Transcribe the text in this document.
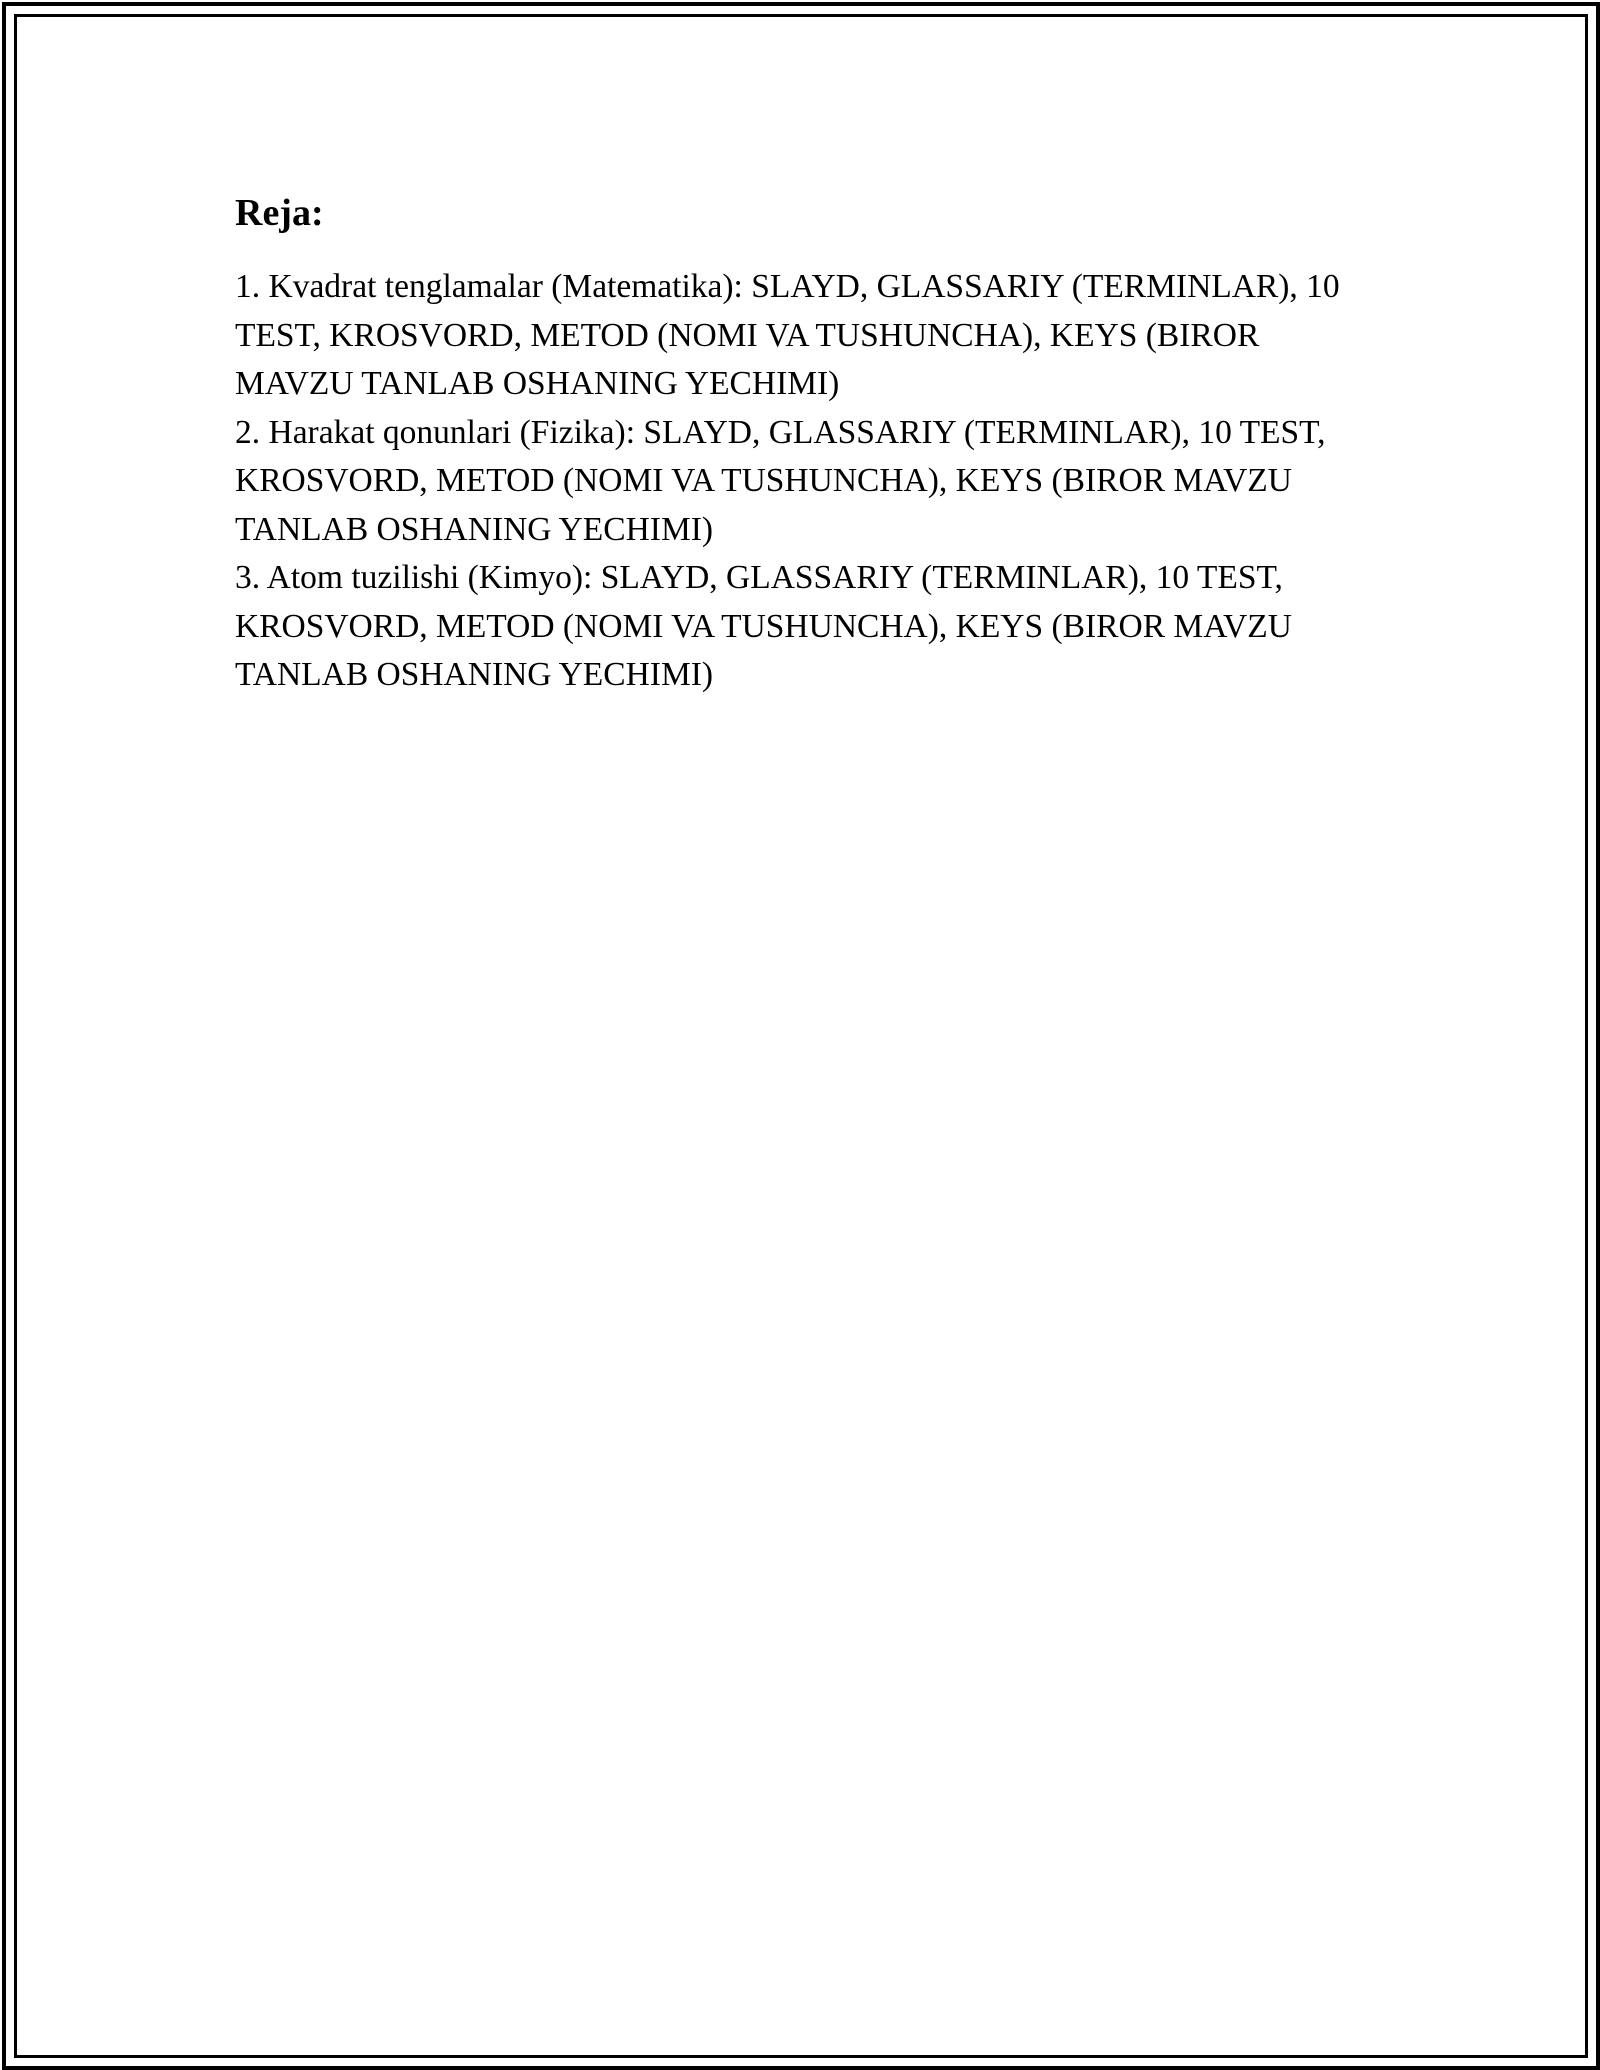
Reja:
1. Kvadrat tenglamalar (Matematika): SLAYD, GLASSARIY (TERMINLAR), 10 TEST, KROSVORD, METOD (NOMI VA TUSHUNCHA), KEYS (BIROR MAVZU TANLAB OSHANING YECHIMI)
2. Harakat qonunlari (Fizika): SLAYD, GLASSARIY (TERMINLAR), 10 TEST, KROSVORD, METOD (NOMI VA TUSHUNCHA), KEYS (BIROR MAVZU TANLAB OSHANING YECHIMI)
3. Atom tuzilishi (Kimyo): SLAYD, GLASSARIY (TERMINLAR), 10 TEST, KROSVORD, METOD (NOMI VA TUSHUNCHA), KEYS (BIROR MAVZU TANLAB OSHANING YECHIMI)
